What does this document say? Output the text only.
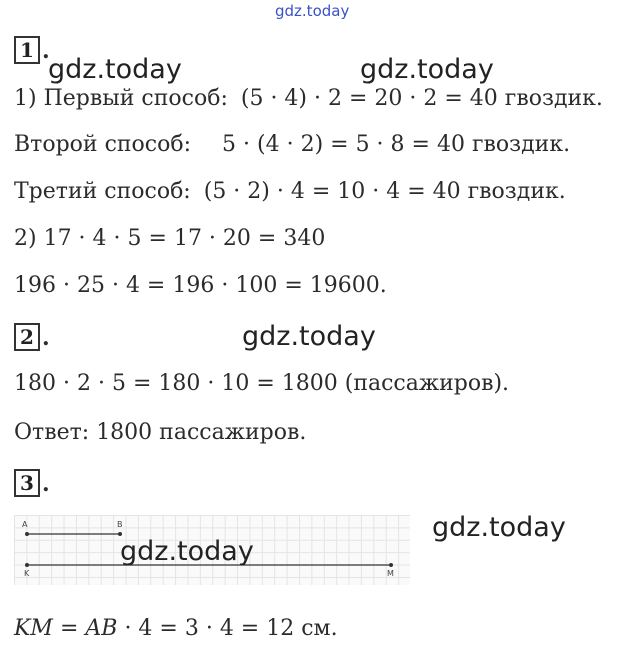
gdz.today
1 .
gdz.today	gdz.today
1) Первый способ: (5 · 4) · 2 = 20 · 2 = 40 гвоздик.
Второй способ: 5 · (4 · 2) = 5 · 8 = 40 гвоздик.
Третий способ: (5 · 2) · 4 = 10 · 4 = 40 гвоздик.
2) 17 · 4 · 5 = 17 · 20 = 340
196 · 25 · 4 = 196 · 100 = 19600.
2 .	gdz.today
180 · 2 · 5 = 180 · 10 = 1800 (пассажиров).
Ответ: 1800 пассажиров.
3 .
A	B
K	M
gdz.today
gdz.today
KM = AB · 4 = 3 · 4 = 12 см.
